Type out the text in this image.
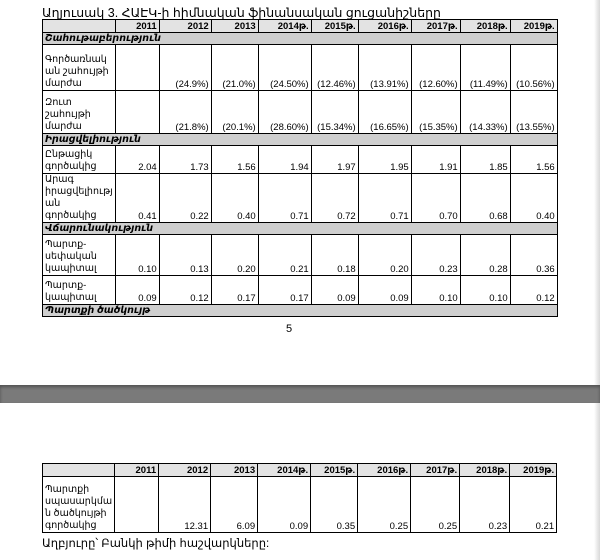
Աղյուսակ 3. ՀԱԷԿ-ի հիմնական ֆինանսական ցուցանիշները
	2011	2012	2013	2014թ.	2015թ.	2016թ.	2017թ.	2018թ.	2019թ.
Շահութաբերություն									
Գործառնակ ան շահույթի մարժա		(24.9%)	(21.0%)	(24.50%)	(12.46%)	(13.91%)	(12.60%)	(11.49%)	(10.56%)
Զուտ շահույթի մարժա		(21.8%)	(20.1%)	(28.60%)	(15.34%)	(16.65%)	(15.35%)	(14.33%)	(13.55%)
Իրացվելիություն									
Ընթացիկ գործակից	2.04	1.73	1.56	1.94	1.97	1.95	1.91	1.85	1.56
Արագ իրացվելիությ ան գործակից	0.41	0.22	0.40	0.71	0.72	0.71	0.70	0.68	0.40
Վճարունակություն									
Պարտք-սեփական կապիտալ	0.10	0.13	0.20	0.21	0.18	0.20	0.23	0.28	0.36
Պարտք-կապիտալ	0.09	0.12	0.17	0.17	0.09	0.09	0.10	0.10	0.12
Պարտքի ծածկույթ									
5
	2011	2012	2013	2014թ.	2015թ.	2016թ.	2017թ.	2018թ.	2019թ.
Պարտքի սպասարկմա ն ծածկույթի գործակից		12.31	6.09	0.09	0.35	0.25	0.25	0.23	0.21
Աղբյուրը՝ Բանկի թիմի հաշվարկները:
